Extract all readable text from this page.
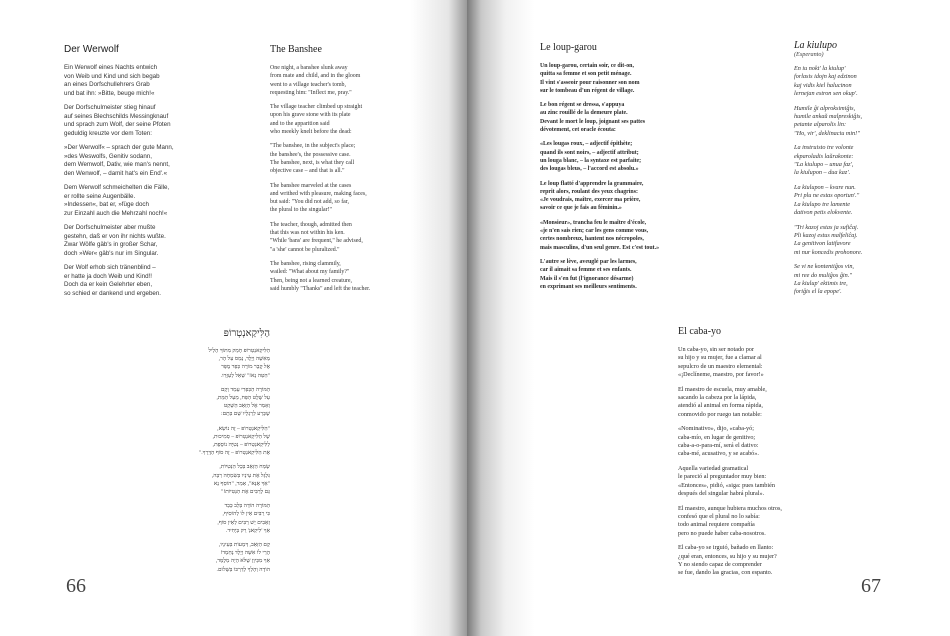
Der Werwolf

Ein Werwolf eines Nachts entwich
von Weib und Kind und sich begab
an eines Dorfschullehrers Grab
und bat ihn: »Bitte, beuge mich!«

Der Dorfschulmeister stieg hinauf
auf seines Blechschilds Messingknauf
und sprach zum Wolf, der seine Pfoten
geduldig kreuzte vor dem Toten:

»Der Werwolf« – sprach der gute Mann,
»des Weswolfs, Genitiv sodann,
dem Wemwolf, Dativ, wie man's nennt,
den Wenwolf, – damit hat's ein End'.«

Dem Werwolf schmeichelten die Fälle,
er rollte seine Augenbälle.
»Indessen«, bat er, »füge doch
zur Einzahl auch die Mehrzahl noch!«

Der Dorfschulmeister aber mußte
gestehn, daß er von ihr nichts wußte.
Zwar Wölfe gäb's in großer Schar,
doch »Wer« gäb's nur im Singular.

Der Wolf erhob sich tränenblind –
er hatte ja doch Weib und Kind!!
Doch da er kein Gelehrter eben,
so schied er dankend und ergeben.

The Banshee

One night, a banshee slunk away
from mate and child, and in the gloom
went to a village teacher's tomb,
requesting him: "Inflect me, pray."

The village teacher climbed up straight
upon his grave stone with its plate
and to the apparition said
who meekly knelt before the dead:

"The banshee, in the subject's place;
the banshee's, the possessive case.
The banshee, next, is what they call
objective case – and that is all."

The banshee marveled at the cases
and writhed with pleasure, making faces,
but said: "You did not add, so far,
the plural to the singular!"

The teacher, though, admitted then
that this was not within his ken.
"While 'bans' are frequent," he advised,
"a 'she' cannot be pluralized."

The banshee, rising clammily,
wailed: "What about my family?"
Then, being not a learned creature,
said humbly "Thanks" and left the teacher.

הַלִּיקַאנְטְרוֹפּ

הַלִּיקַאנְטְרוֹפּ חָמַק מִתּוֹךְ הָלֵיל
מֵאִשָּׁה וְיֶלֶד, נָמַס עַל הָר,
אֶל קֶבֶר מוֹרֶה כְּפָר מֻפָּר
"הַטֵּה נָא!" שָׁאַל לְעַזָּרֵו.

הַמּוֹרֶה הַכַּפְרִי עָמַד וְקָם
עַל שֶׁלֶט הַפַּח, מֵעַל הַמֵּת,
וְאָמַר אֶל הַזְּאֵב הַשָּׁקֵט
שֶׁכָּרַע לְרַגְלָיו שָׁם בְּתָם:

"הַלִּיקַאנְטְרוֹפּ – זֶה נוֹשֵׂא,
שֶׁל הַלִּיקַאנְטְרוֹפּ – סְמִיכוּת,
לַלִּיקַאנְטְרוֹפּ – נְטִיָּה נוֹסֶפֶת,
אֶת הַלִּיקַאנְטְרוֹפּ – זֶה סוֹף הַדֶּרֶךְ."

שָׂמַח הַזְּאֵב בְּכָל הַנְּטִיּוֹת,
גִּלְגֵּל אֶת עֵינָיו בְּשִׂמְחָה רַבָּה,
"אַךְ אָנָּא", אָמַר, "הוֹסֵף נָא
גַּם לָרַבִּים אֶת הַנְּטִיּוֹת!"

הַמּוֹרֶה הוֹדָה בְּלֵב כָּבֵד
כִּי רַבִּים אֵין לוֹ לְהוֹסִיף,
זְאֵבִים יֵשׁ רַבִּים לְאֵין סוֹף,
אַךְ 'לִיקַאנְ' רַק בְּיָחִיד.

קָם הַזְּאֵב, דְּמָעוֹת בְּעֵינָיו,
הֲרֵי לוֹ אִשָּׁה וְיֶלֶד נֶחְמָד!
אַךְ מִכֵּיוָן שֶׁלֹּא הָיָה מְלֻמָּד,
הוֹדָה וְהָלַךְ לְדַרְכּוֹ בְּשָׁלוֹם.

66
Le loup-garou

Un loup-garou, certain soir, ce dit-on,
quitta sa femme et son petit ménage.
Il vint s'asseoir pour raisonner son nom
sur le tombeau d'un régent de village.

Le bon régent se dressa, s'appuya
au zinc rouillé de la demeure plate.
Devant le mort le loup, joignant ses pattes
dévotement, cet oracle écouta:

«Les lougas roux, – adjectif épithète;
quand ils sont noirs, – adjectif attribut;
un louga blanc, – la syntaxe est parfaite;
des lougas bleus, – l'accord est absolu.»

Le loup flatté d'apprendre la grammaire,
reprit alors, roulant des yeux chagrins:
«Je voudrais, maître, exercer ma prière,
savoir ce que je fais au féminin.»

«Monsieur», trancha feu le maître d'école,
«je n'en sais rien; car les gens comme vous,
certes nombreux, hantent nos nécropoles,
mais masculins, d'un seul genre. Est c'est tout.»

L'autre se lève, aveuglé par les larmes,
car il aimait sa femme et ses enfants.
Mais il s'en fut (l'ignorance désarme)
en exprimant ses meilleurs sentiments.

La kiulupo
(Esperanto)

En iu nokt' la kiulup'
forlasis idojn kaj edzinon
kaj vidis kiel halucinon
lernejan estron sen okup'.

Humile ĝi alproksimiĝis,
humile ankaŭ malpreskiĝis,
petante alparolis lin:
"Ho, vir', deklinaciu min!"

La instruisto tre volonte
ekparoladis laŭrakonte:
"La kiulupo – unua faz',
la kiulupon – dua kaz'.

La kiulupon – kvare nun.
Pri plu ne estas oportun'."
La kiulupo tre lamente
dativon petis elokvente.

"Tri kazoj estas ja sufiĉaj.
Pli kazoj estus malfeliĉaj.
La genitivon latifavore
mi nur koncedis prohonore.

Se vi ne kontentiĝos vin,
mi ree do muliĝos ĝin."
La kiulup' ektimis tre,
foriĝis el la epope'.

El caba-yo

Un caba-yo, sin ser notado por
su hijo y su mujer, fue a clamar al
sepulcro de un maestro elemental:
«¡Declíneme, maestro, por favor!»

El maestro de escuela, muy amable,
sacando la cabeza por la lápida,
atendió al animal en forma rápida,
conmovido por ruego tan notable:

«Nominativo», dijo, «caba-yó;
caba-mío, en lugar de genitivo;
caba-a-o-para-mí, será el dativo:
caba-mé, acusativo, y se acabó».

Aquella variedad gramatical
le pareció al preguntador muy bien:
«Entonces», pidió, «siga: pues también
después del singular habrá plural».

El maestro, aunque hubiera muchos otros,
confesó que el plural no lo sabía:
todo animal requiere compañía
pero no puede haber caba-nosotros.

El caba-yo se irguió, bañado en llanto:
¿qué eran, entonces, su hijo y su mujer?
Y no siendo capaz de comprender
se fue, dando las gracias, con espanto.

67
